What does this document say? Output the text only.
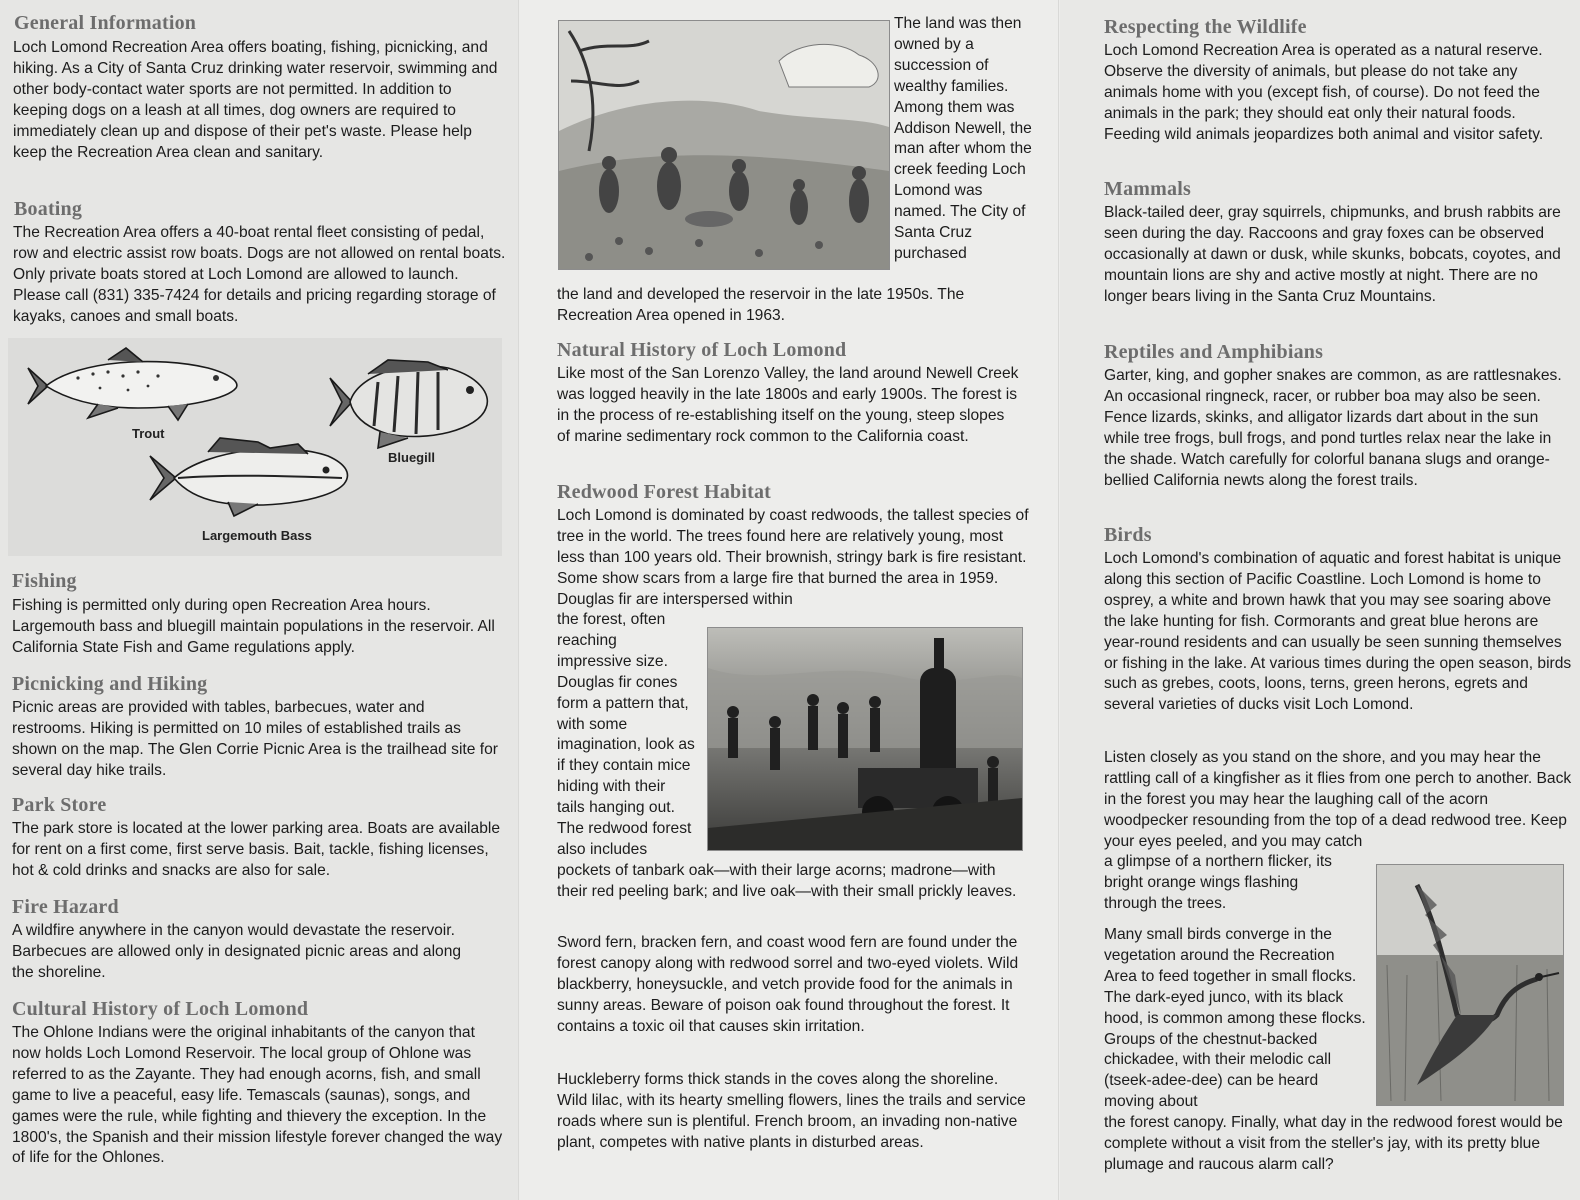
General Information

Loch Lomond Recreation Area offers boating, fishing, picnicking, and hiking. As a City of Santa Cruz drinking water reservoir, swimming and other body-contact water sports are not permitted. In addition to keeping dogs on a leash at all times, dog owners are required to immediately clean up and dispose of their pet's waste. Please help keep the Recreation Area clean and sanitary.

Boating

The Recreation Area offers a 40-boat rental fleet consisting of pedal, row and electric assist row boats. Dogs are not allowed on rental boats. Only private boats stored at Loch Lomond are allowed to launch. Please call (831) 335-7424 for details and pricing regarding storage of kayaks, canoes and small boats.

Trout
Bluegill
Largemouth Bass
Fishing

Fishing is permitted only during open Recreation Area hours. Largemouth bass and bluegill maintain populations in the reservoir. All California State Fish and Game regulations apply.

Picnicking and Hiking

Picnic areas are provided with tables, barbecues, water and restrooms. Hiking is permitted on 10 miles of established trails as shown on the map. The Glen Corrie Picnic Area is the trailhead site for several day hike trails.

Park Store

The park store is located at the lower parking area. Boats are available for rent on a first come, first serve basis. Bait, tackle, fishing licenses, hot & cold drinks and snacks are also for sale.

Fire Hazard

A wildfire anywhere in the canyon would devastate the reservoir. Barbecues are allowed only in designated picnic areas and along the shoreline.

Cultural History of Loch Lomond

The Ohlone Indians were the original inhabitants of the canyon that now holds Loch Lomond Reservoir. The local group of Ohlone was referred to as the Zayante. They had enough acorns, fish, and small game to live a peaceful, easy life. Temascals (saunas), songs, and games were the rule, while fighting and thievery the exception. In the 1800's, the Spanish and their mission lifestyle forever changed the way of life for the Ohlones.

The land was then owned by a succession of wealthy families. Among them was Addison Newell, the man after whom the creek feeding Loch Lomond was named. The City of Santa Cruz purchased

the land and developed the reservoir in the late 1950s. The Recreation Area opened in 1963.

Natural History of Loch Lomond

Like most of the San Lorenzo Valley, the land around Newell Creek was logged heavily in the late 1800s and early 1900s. The forest is in the process of re-establishing itself on the young, steep slopes of marine sedimentary rock common to the California coast.

Redwood Forest Habitat

Loch Lomond is dominated by coast redwoods, the tallest species of tree in the world. The trees found here are relatively young, most less than 100 years old. Their brownish, stringy bark is fire resistant. Some show scars from a large fire that burned the area in 1959. Douglas fir are interspersed within

the forest, often reaching impressive size. Douglas fir cones form a pattern that, with some imagination, look as if they contain mice hiding with their tails hanging out. The redwood forest also includes

pockets of tanbark oak—with their large acorns; madrone—with their red peeling bark; and live oak—with their small prickly leaves.

Sword fern, bracken fern, and coast wood fern are found under the forest canopy along with redwood sorrel and two-eyed violets. Wild blackberry, honeysuckle, and vetch provide food for the animals in sunny areas. Beware of poison oak found throughout the forest. It contains a toxic oil that causes skin irritation.

Huckleberry forms thick stands in the coves along the shoreline. Wild lilac, with its hearty smelling flowers, lines the trails and service roads where sun is plentiful. French broom, an invading non-native plant, competes with native plants in disturbed areas.

Respecting the Wildlife

Loch Lomond Recreation Area is operated as a natural reserve. Observe the diversity of animals, but please do not take any animals home with you (except fish, of course). Do not feed the animals in the park; they should eat only their natural foods. Feeding wild animals jeopardizes both animal and visitor safety.

Mammals

Black-tailed deer, gray squirrels, chipmunks, and brush rabbits are seen during the day. Raccoons and gray foxes can be observed occasionally at dawn or dusk, while skunks, bobcats, coyotes, and mountain lions are shy and active mostly at night. There are no longer bears living in the Santa Cruz Mountains.

Reptiles and Amphibians

Garter, king, and gopher snakes are common, as are rattlesnakes. An occasional ringneck, racer, or rubber boa may also be seen. Fence lizards, skinks, and alligator lizards dart about in the sun while tree frogs, bull frogs, and pond turtles relax near the lake in the shade. Watch carefully for colorful banana slugs and orange-bellied California newts along the forest trails.

Birds

Loch Lomond's combination of aquatic and forest habitat is unique along this section of Pacific Coastline. Loch Lomond is home to osprey, a white and brown hawk that you may see soaring above the lake hunting for fish. Cormorants and great blue herons are year-round residents and can usually be seen sunning themselves or fishing in the lake. At various times during the open season, birds such as grebes, coots, loons, terns, green herons, egrets and several varieties of ducks visit Loch Lomond.

Listen closely as you stand on the shore, and you may hear the rattling call of a kingfisher as it flies from one perch to another. Back in the forest you may hear the laughing call of the acorn woodpecker resounding from the top of a dead redwood tree. Keep your eyes peeled, and you may catch

a glimpse of a northern flicker, its bright orange wings flashing through the trees.

Many small birds converge in the vegetation around the Recreation Area to feed together in small flocks. The dark-eyed junco, with its black hood, is common among these flocks. Groups of the chestnut-backed chickadee, with their melodic call (tseek-adee-dee) can be heard moving about

the forest canopy. Finally, what day in the redwood forest would be complete without a visit from the steller's jay, with its pretty blue plumage and raucous alarm call?
